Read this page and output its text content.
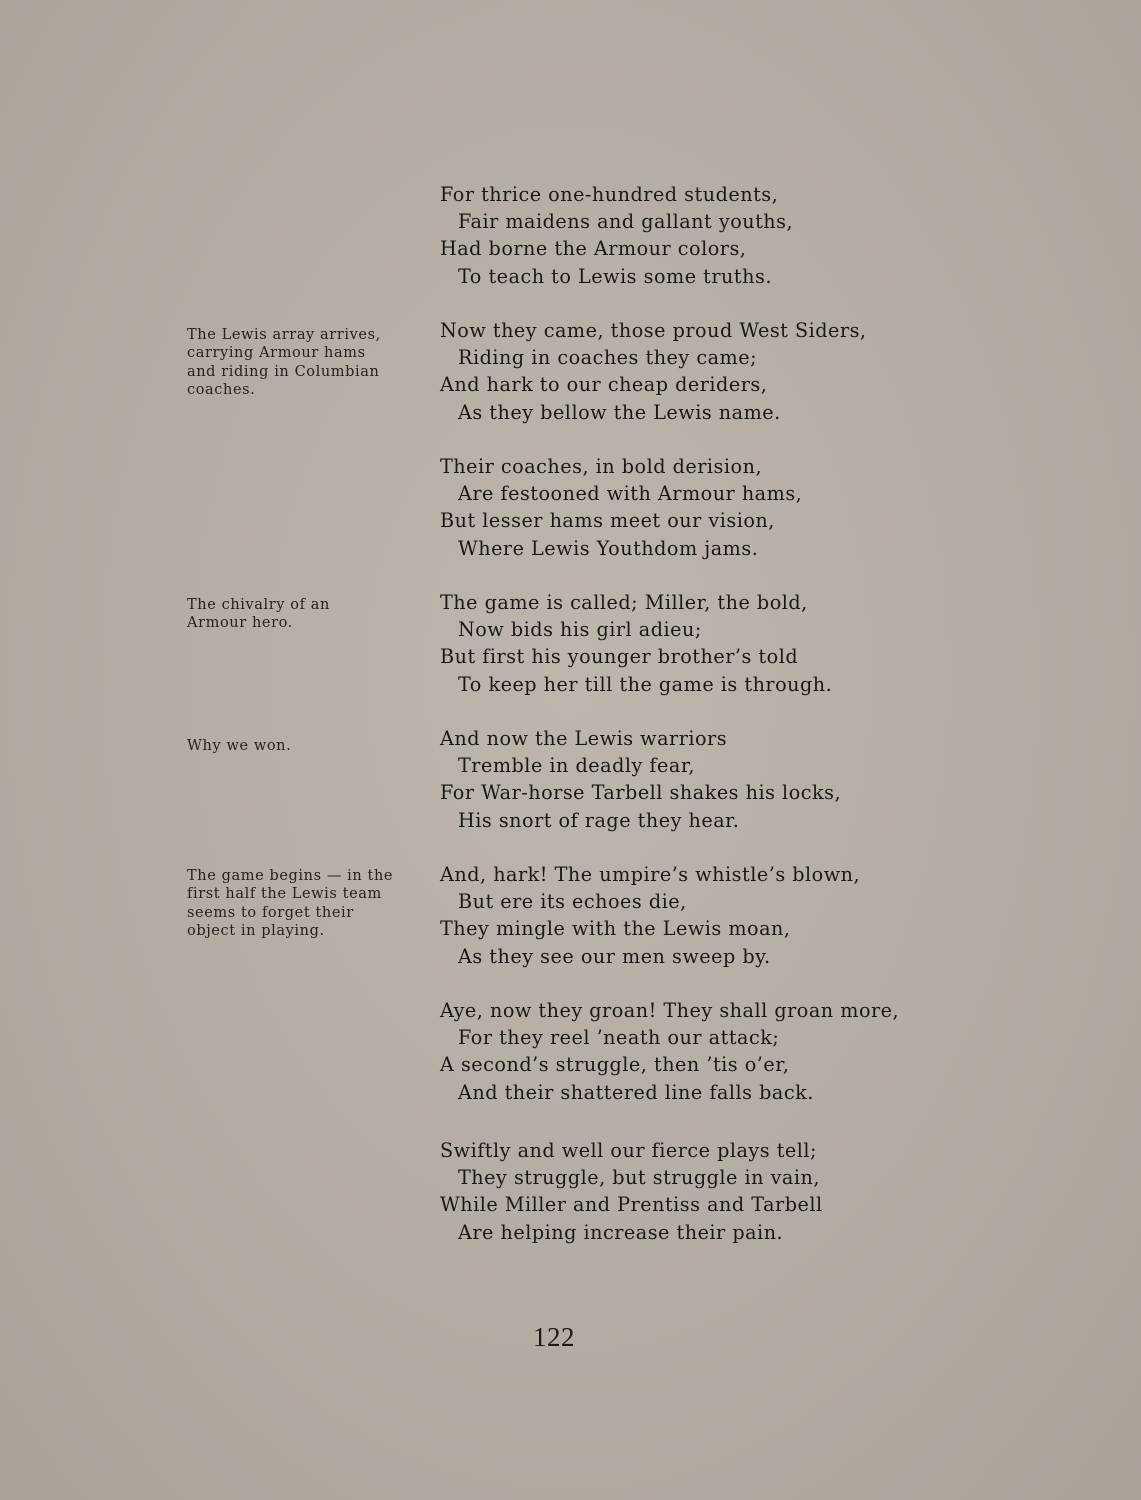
The Lewis array arrives,
carrying Armour hams
and riding in Columbian
coaches.
The chivalry of an
Armour hero.
Why we won.
The game begins — in the
first half the Lewis team
seems to forget their
object in playing.
For thrice one-hundred students,
Fair maidens and gallant youths,
Had borne the Armour colors,
To teach to Lewis some truths.
Now they came, those proud West Siders,
Riding in coaches they came;
And hark to our cheap deriders,
As they bellow the Lewis name.
Their coaches, in bold derision,
Are festooned with Armour hams,
But lesser hams meet our vision,
Where Lewis Youthdom jams.
The game is called; Miller, the bold,
Now bids his girl adieu;
But first his younger brother’s told
To keep her till the game is through.
And now the Lewis warriors
Tremble in deadly fear,
For War-horse Tarbell shakes his locks,
His snort of rage they hear.
And, hark! The umpire’s whistle’s blown,
But ere its echoes die,
They mingle with the Lewis moan,
As they see our men sweep by.
Aye, now they groan! They shall groan more,
For they reel ’neath our attack;
A second’s struggle, then ’tis o’er,
And their shattered line falls back.
Swiftly and well our fierce plays tell;
They struggle, but struggle in vain,
While Miller and Prentiss and Tarbell
Are helping increase their pain.
122
